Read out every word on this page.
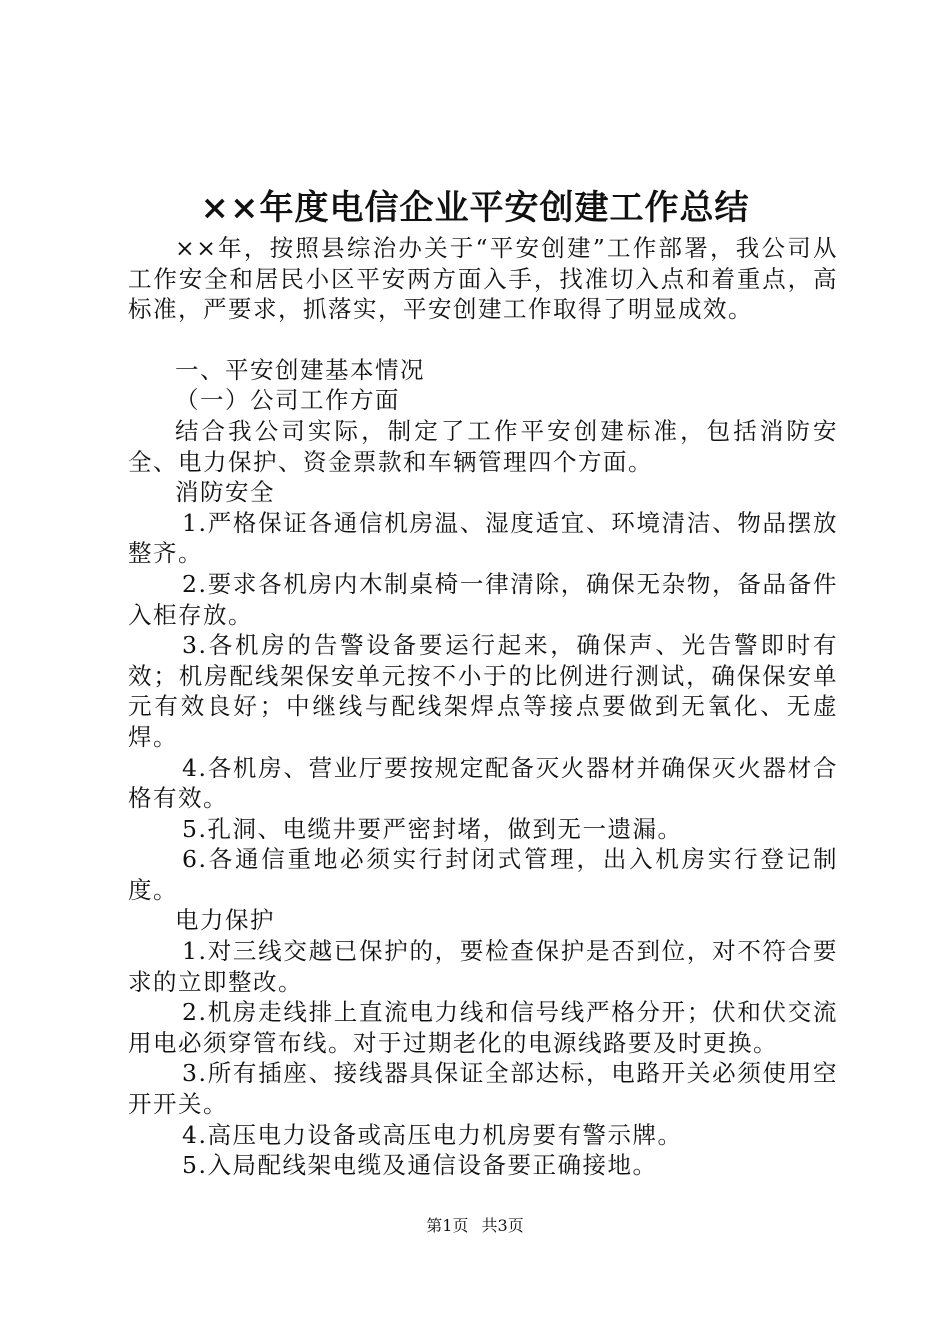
××年度电信企业平安创建工作总结

××年，按照县综治办关于“平安创建”工作部署，我公司从工作安全和居民小区平安两方面入手，找准切入点和着重点，高标准，严要求，抓落实，平安创建工作取得了明显成效。

一、平安创建基本情况

（一）公司工作方面

结合我公司实际，制定了工作平安创建标准，包括消防安全、电力保护、资金票款和车辆管理四个方面。

消防安全

1.严格保证各通信机房温、湿度适宜、环境清洁、物品摆放整齐。

2.要求各机房内木制桌椅一律清除，确保无杂物，备品备件入柜存放。

3.各机房的告警设备要运行起来，确保声、光告警即时有效；机房配线架保安单元按不小于的比例进行测试，确保保安单元有效良好；中继线与配线架焊点等接点要做到无氧化、无虚焊。

4.各机房、营业厅要按规定配备灭火器材并确保灭火器材合格有效。

5.孔洞、电缆井要严密封堵，做到无一遗漏。

6.各通信重地必须实行封闭式管理，出入机房实行登记制度。

电力保护

1.对三线交越已保护的，要检查保护是否到位，对不符合要求的立即整改。

2.机房走线排上直流电力线和信号线严格分开；伏和伏交流用电必须穿管布线。对于过期老化的电源线路要及时更换。

3.所有插座、接线器具保证全部达标，电路开关必须使用空开开关。

4.高压电力设备或高压电力机房要有警示牌。

5.入局配线架电缆及通信设备要正确接地。

第1页 共3页
